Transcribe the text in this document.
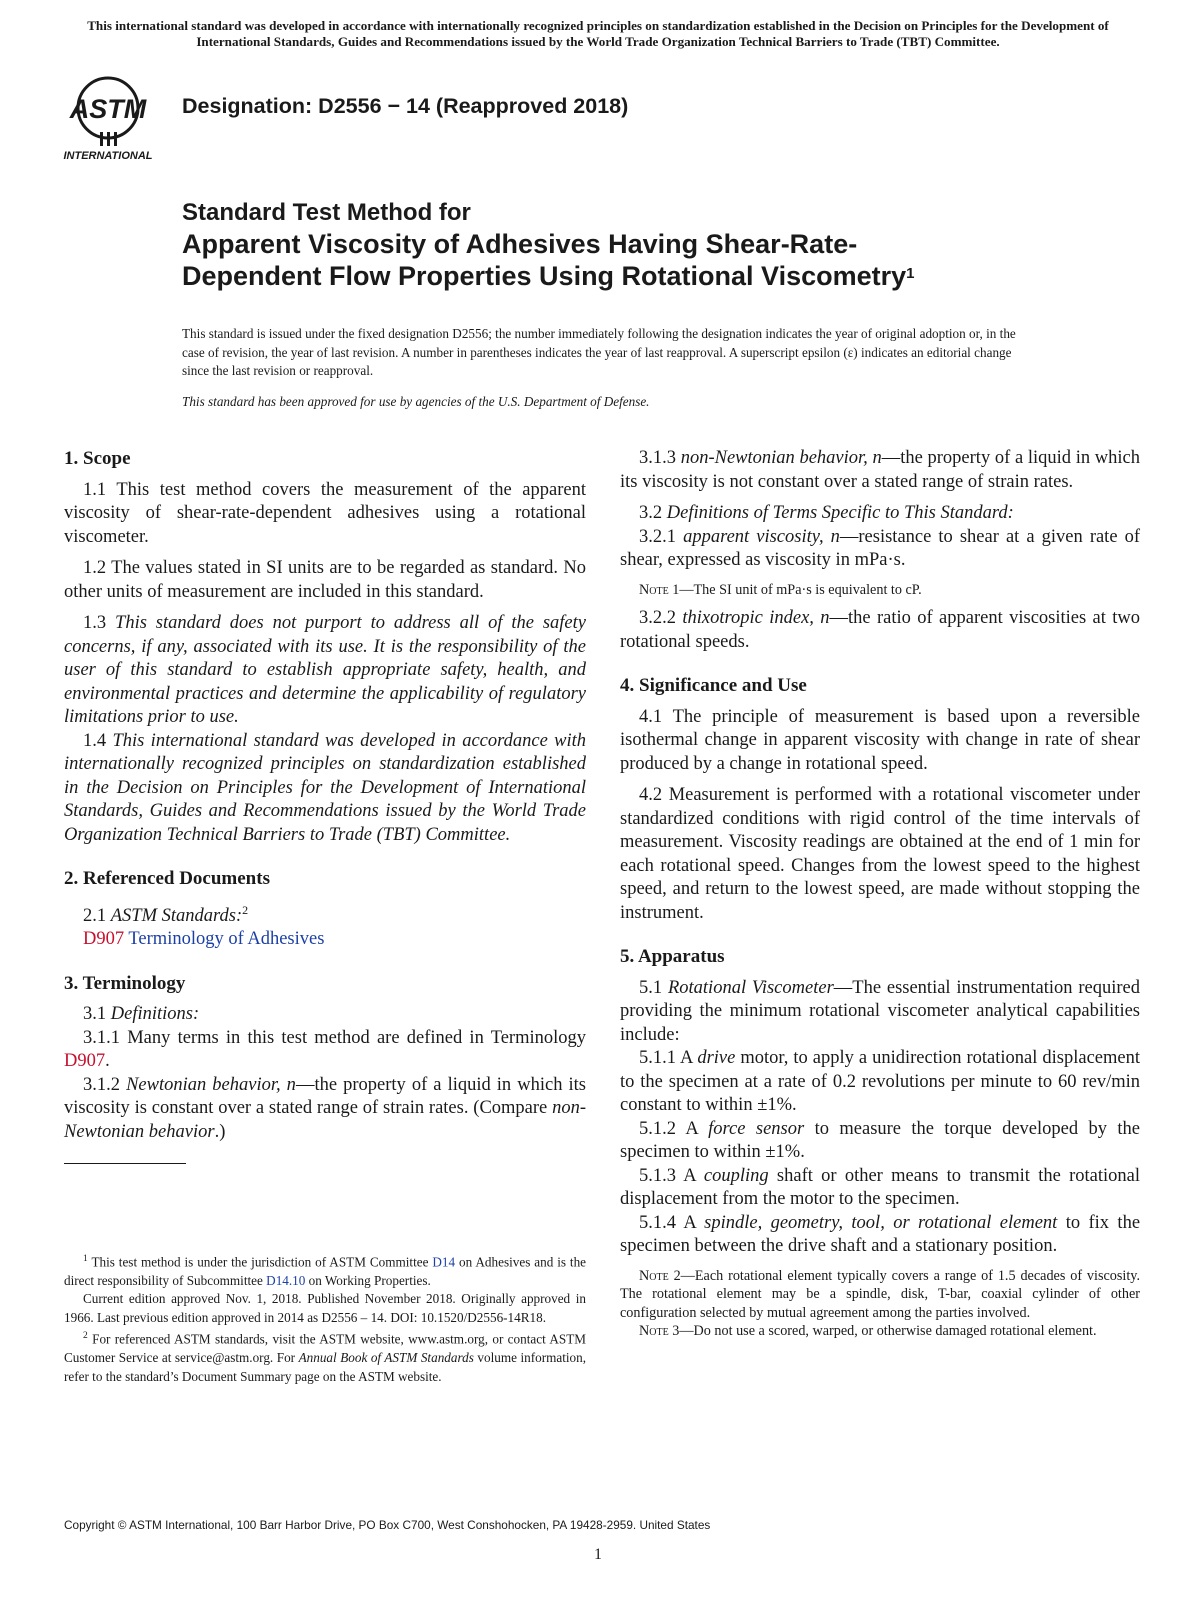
This international standard was developed in accordance with internationally recognized principles on standardization established in the Decision on Principles for the Development of International Standards, Guides and Recommendations issued by the World Trade Organization Technical Barriers to Trade (TBT) Committee.
ASTM
INTERNATIONAL
Designation: D2556 − 14 (Reapproved 2018)
Standard Test Method for
Apparent Viscosity of Adhesives Having Shear-Rate-
Dependent Flow Properties Using Rotational Viscometry$^1$
This standard is issued under the fixed designation D2556; the number immediately following the designation indicates the year of original adoption or, in the case of revision, the year of last revision. A number in parentheses indicates the year of last reapproval. A superscript epsilon (ε) indicates an editorial change since the last revision or reapproval.
This standard has been approved for use by agencies of the U.S. Department of Defense.
1. Scope

1.1 This test method covers the measurement of the apparent viscosity of shear-rate-dependent adhesives using a rotational viscometer.

1.2 The values stated in SI units are to be regarded as standard. No other units of measurement are included in this standard.

1.3 This standard does not purport to address all of the safety concerns, if any, associated with its use. It is the responsibility of the user of this standard to establish appropriate safety, health, and environmental practices and determine the applicability of regulatory limitations prior to use.

1.4 This international standard was developed in accordance with internationally recognized principles on standardization established in the Decision on Principles for the Development of International Standards, Guides and Recommendations issued by the World Trade Organization Technical Barriers to Trade (TBT) Committee.

2. Referenced Documents

2.1 ASTM Standards:$^2$

D907 Terminology of Adhesives

3. Terminology

3.1 Definitions:

3.1.1 Many terms in this test method are defined in Terminology D907.

3.1.2 Newtonian behavior, n—the property of a liquid in which its viscosity is constant over a stated range of strain rates. (Compare non-Newtonian behavior.)

$^1$ This test method is under the jurisdiction of ASTM Committee D14 on Adhesives and is the direct responsibility of Subcommittee D14.10 on Working Properties.

Current edition approved Nov. 1, 2018. Published November 2018. Originally approved in 1966. Last previous edition approved in 2014 as D2556 – 14. DOI: 10.1520/D2556-14R18.

$^2$ For referenced ASTM standards, visit the ASTM website, www.astm.org, or contact ASTM Customer Service at service@astm.org. For Annual Book of ASTM Standards volume information, refer to the standard’s Document Summary page on the ASTM website.

3.1.3 non-Newtonian behavior, n—the property of a liquid in which its viscosity is not constant over a stated range of strain rates.

3.2 Definitions of Terms Specific to This Standard:

3.2.1 apparent viscosity, n—resistance to shear at a given rate of shear, expressed as viscosity in mPa·s.

Note 1—The SI unit of mPa·s is equivalent to cP.

3.2.2 thixotropic index, n—the ratio of apparent viscosities at two rotational speeds.

4. Significance and Use

4.1 The principle of measurement is based upon a reversible isothermal change in apparent viscosity with change in rate of shear produced by a change in rotational speed.

4.2 Measurement is performed with a rotational viscometer under standardized conditions with rigid control of the time intervals of measurement. Viscosity readings are obtained at the end of 1 min for each rotational speed. Changes from the lowest speed to the highest speed, and return to the lowest speed, are made without stopping the instrument.

5. Apparatus

5.1 Rotational Viscometer—The essential instrumentation required providing the minimum rotational viscometer analytical capabilities include:

5.1.1 A drive motor, to apply a unidirection rotational displacement to the specimen at a rate of 0.2 revolutions per minute to 60 rev/min constant to within ±1%.

5.1.2 A force sensor to measure the torque developed by the specimen to within ±1%.

5.1.3 A coupling shaft or other means to transmit the rotational displacement from the motor to the specimen.

5.1.4 A spindle, geometry, tool, or rotational element to fix the specimen between the drive shaft and a stationary position.

Note 2—Each rotational element typically covers a range of 1.5 decades of viscosity. The rotational element may be a spindle, disk, T-bar, coaxial cylinder of other configuration selected by mutual agreement among the parties involved.

Note 3—Do not use a scored, warped, or otherwise damaged rotational element.

Copyright © ASTM International, 100 Barr Harbor Drive, PO Box C700, West Conshohocken, PA 19428-2959. United States
1
